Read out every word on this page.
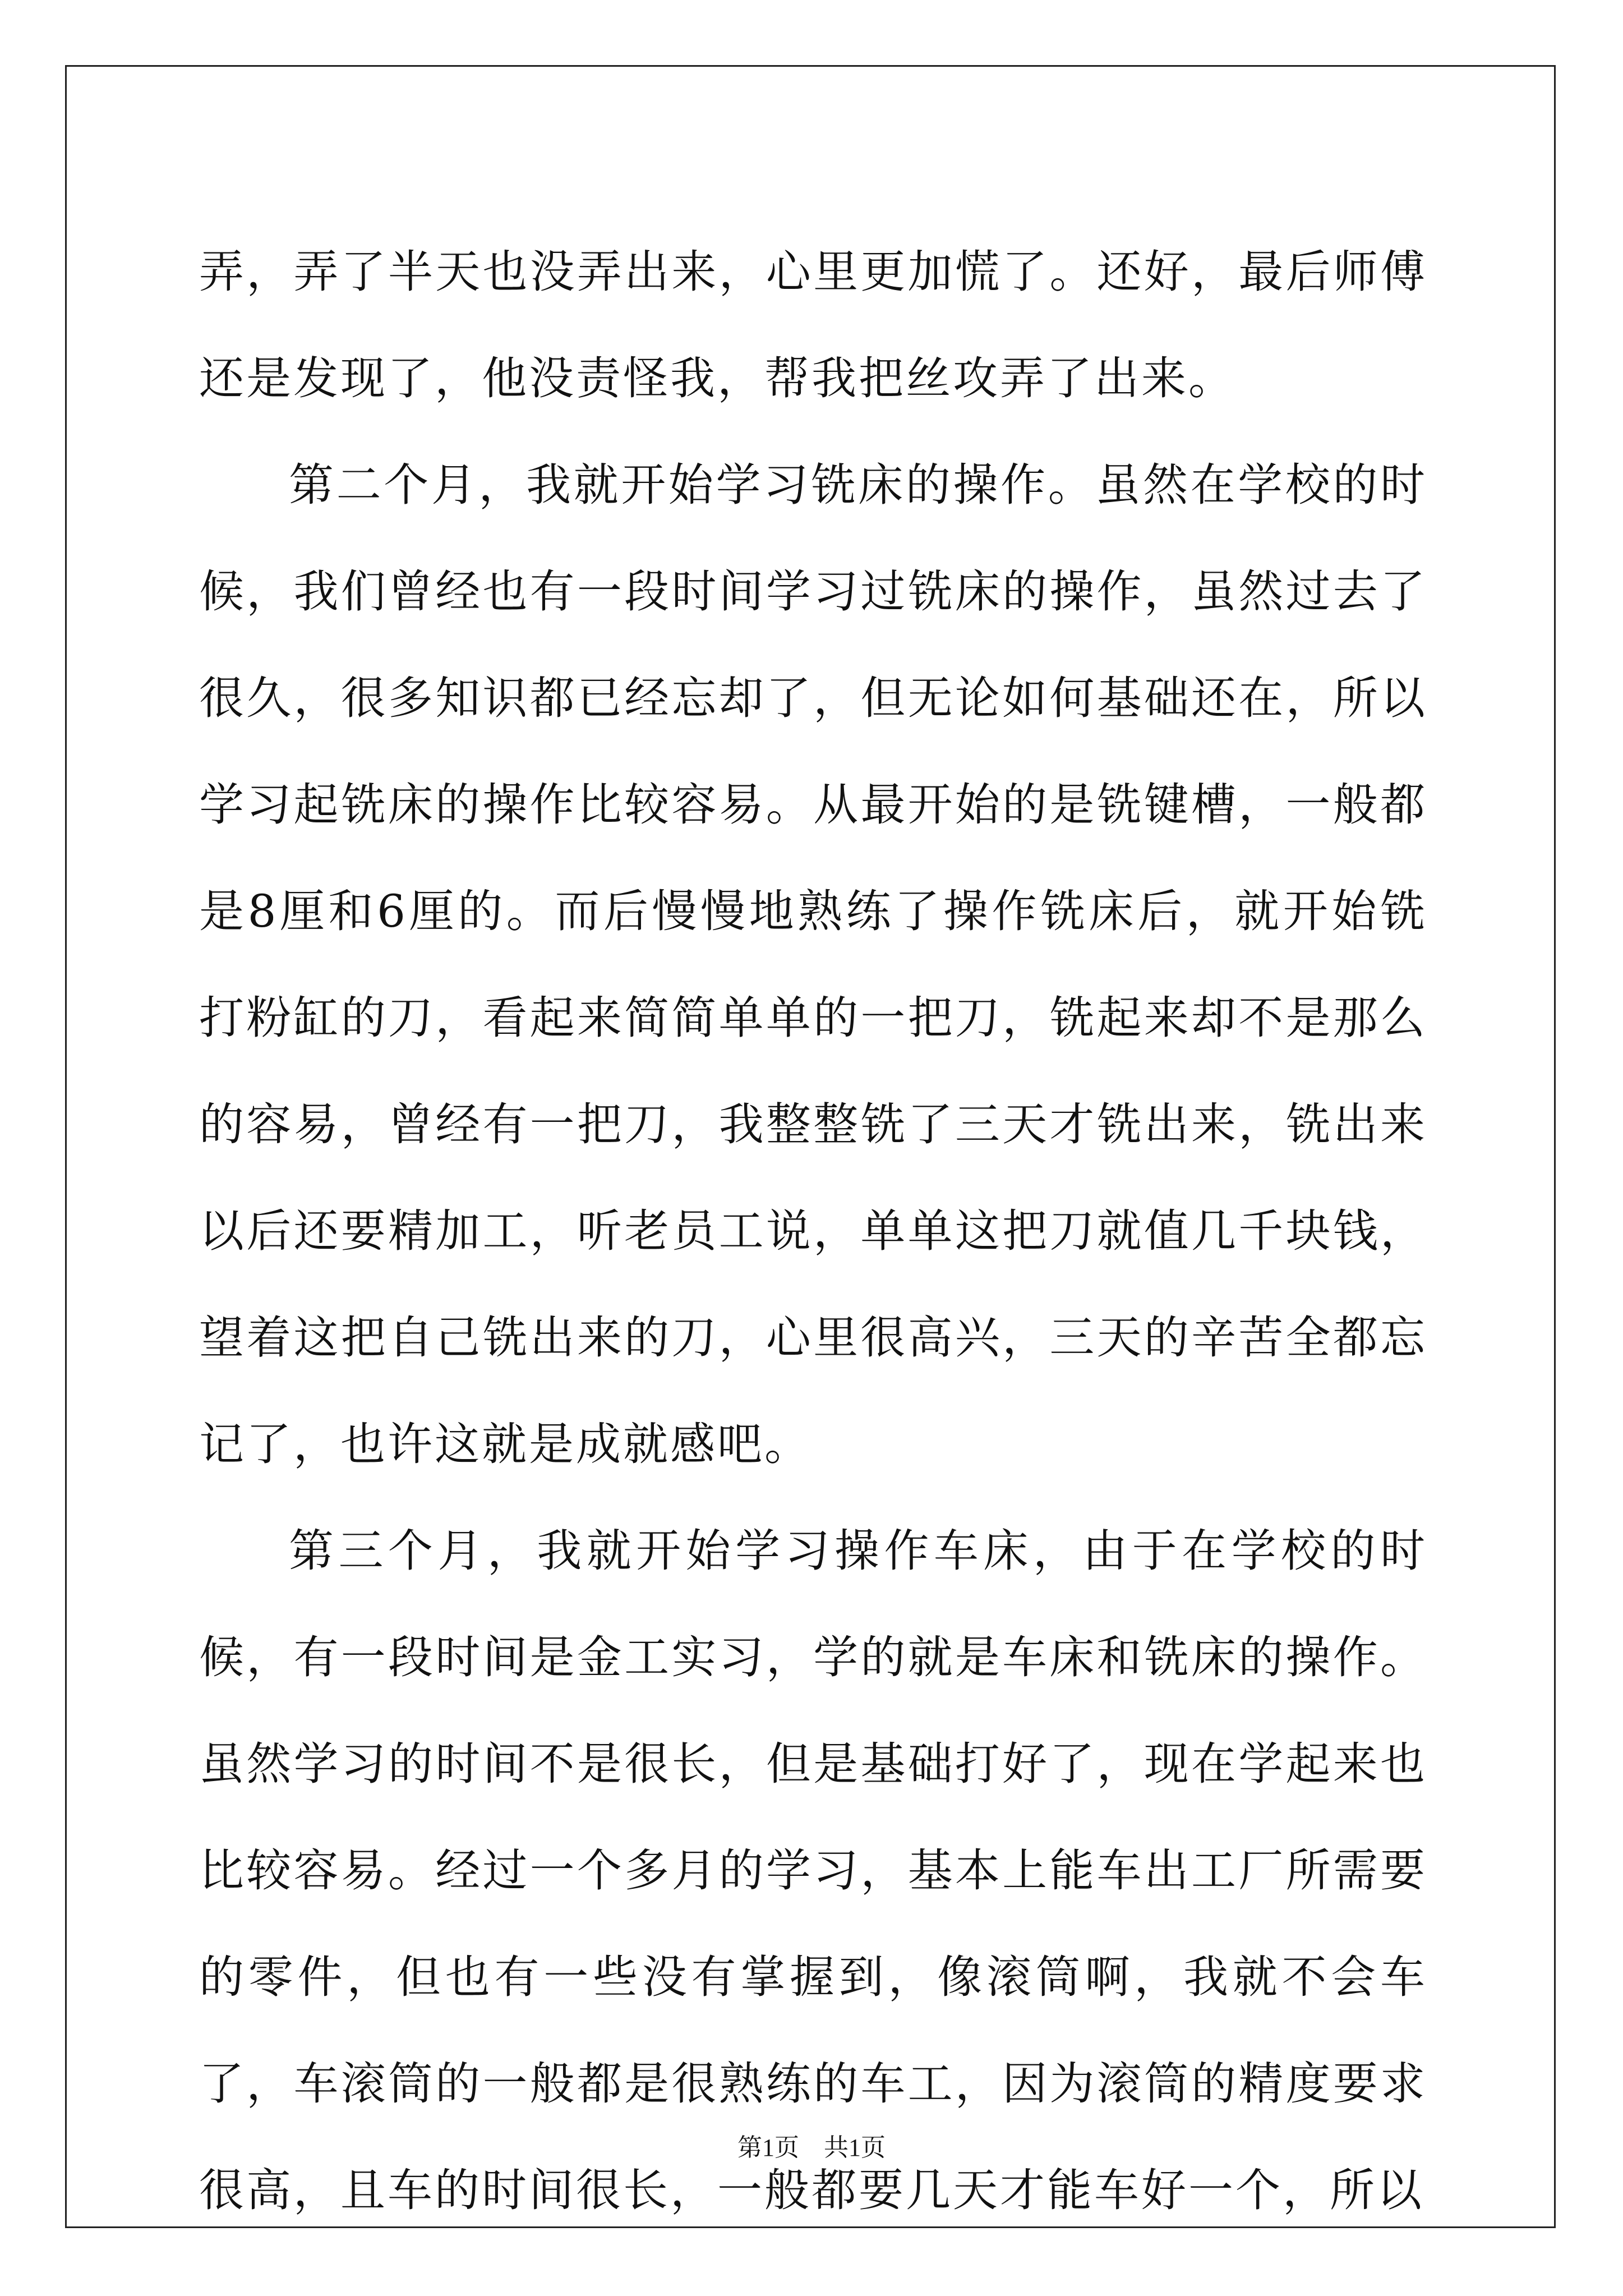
弄，弄了半天也没弄出来，心里更加慌了。还好，最后师傅还是发现了，他没责怪我，帮我把丝攻弄了出来。

第二个月，我就开始学习铣床的操作。虽然在学校的时候，我们曾经也有一段时间学习过铣床的操作，虽然过去了很久，很多知识都已经忘却了，但无论如何基础还在，所以学习起铣床的操作比较容易。从最开始的是铣键槽，一般都是8厘和6厘的。而后慢慢地熟练了操作铣床后，就开始铣打粉缸的刀，看起来简简单单的一把刀，铣起来却不是那么的容易，曾经有一把刀，我整整铣了三天才铣出来，铣出来以后还要精加工，听老员工说，单单这把刀就值几千块钱，望着这把自己铣出来的刀，心里很高兴，三天的辛苦全都忘记了，也许这就是成就感吧。

第三个月，我就开始学习操作车床，由于在学校的时候，有一段时间是金工实习，学的就是车床和铣床的操作。虽然学习的时间不是很长，但是基础打好了，现在学起来也比较容易。经过一个多月的学习，基本上能车出工厂所需要的零件，但也有一些没有掌握到，像滚筒啊，我就不会车了，车滚筒的一般都是很熟练的车工，因为滚筒的精度要求很高，且车的时间很长，一般都要几天才能车好一个，所以

第1页　共1页
